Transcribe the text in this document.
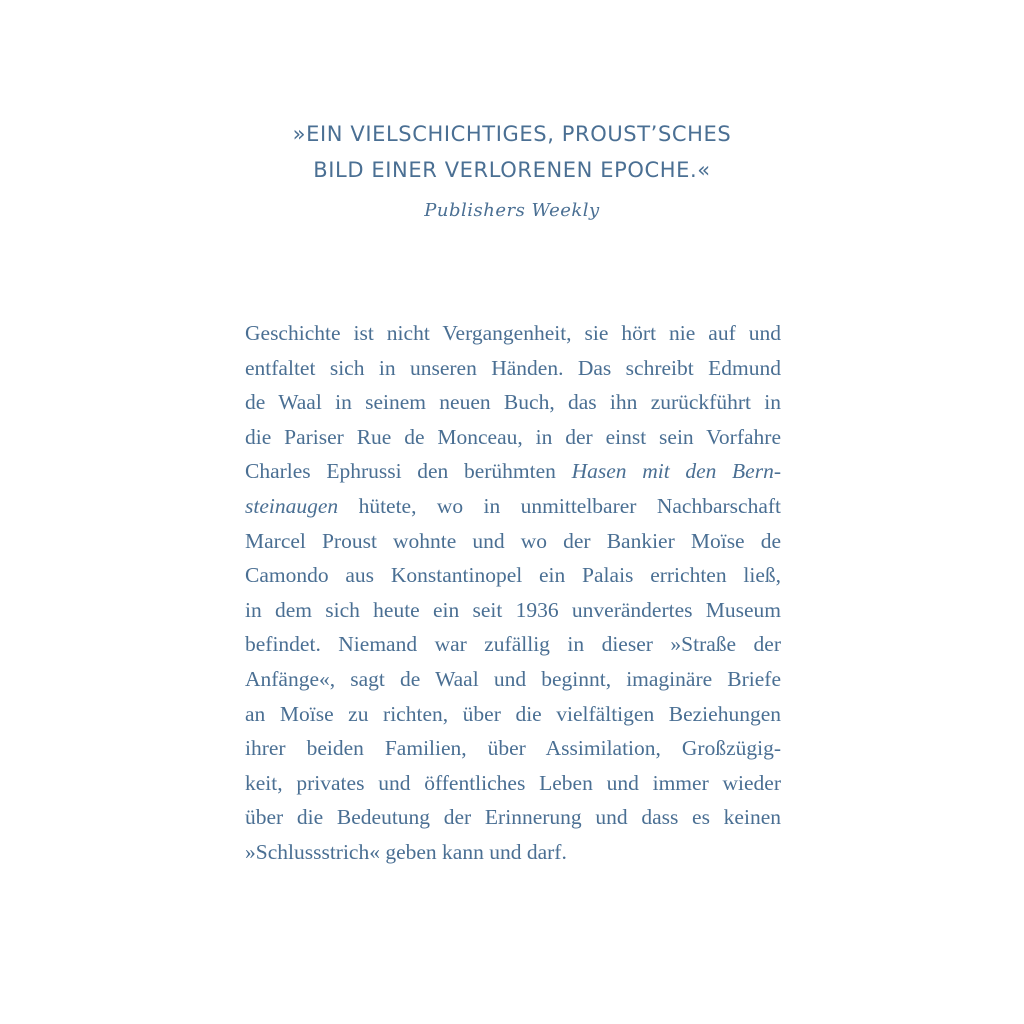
»EIN VIELSCHICHTIGES, PROUST’SCHES
BILD EINER VERLORENEN EPOCHE.«
Publishers Weekly
Geschichte ist nicht Vergangenheit, sie hört nie auf und
entfaltet sich in unseren Händen. Das schreibt Edmund
de Waal in seinem neuen Buch, das ihn zurückführt in
die Pariser Rue de Monceau, in der einst sein Vorfahre
Charles Ephrussi den berühmten Hasen mit den Bern-
steinaugen hütete, wo in unmittelbarer Nachbarschaft
Marcel Proust wohnte und wo der Bankier Moïse de
Camondo aus Konstantinopel ein Palais errichten ließ,
in dem sich heute ein seit 1936 unverändertes Museum
befindet. Niemand war zufällig in dieser »Straße der
Anfänge«, sagt de Waal und beginnt, imaginäre Briefe
an Moïse zu richten, über die vielfältigen Beziehungen
ihrer beiden Familien, über Assimilation, Großzügig-
keit, privates und öffentliches Leben und immer wieder
über die Bedeutung der Erinnerung und dass es keinen
»Schlussstrich« geben kann und darf.
